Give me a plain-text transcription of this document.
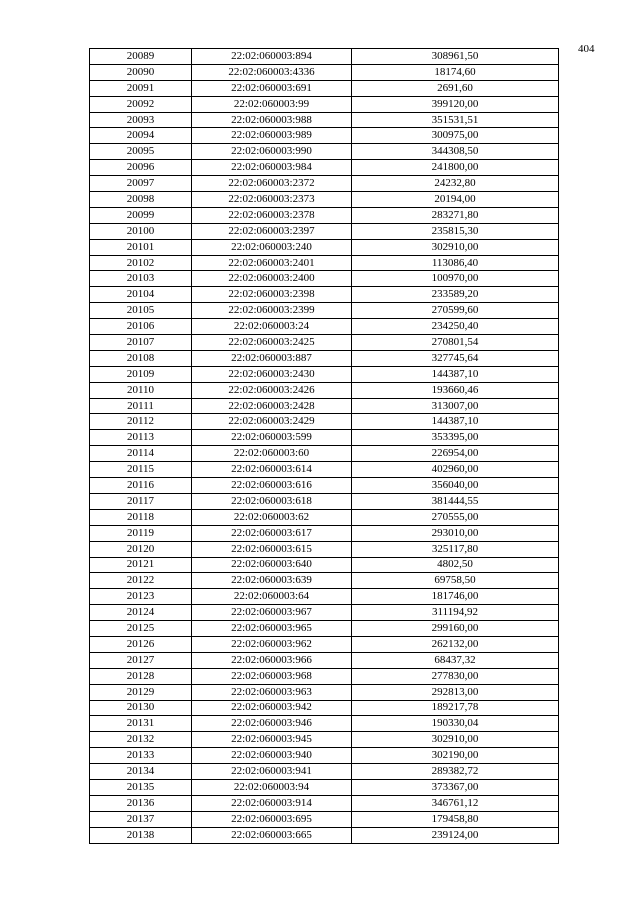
404
20089	22:02:060003:894	308961,50
20090	22:02:060003:4336	18174,60
20091	22:02:060003:691	2691,60
20092	22:02:060003:99	399120,00
20093	22:02:060003:988	351531,51
20094	22:02:060003:989	300975,00
20095	22:02:060003:990	344308,50
20096	22:02:060003:984	241800,00
20097	22:02:060003:2372	24232,80
20098	22:02:060003:2373	20194,00
20099	22:02:060003:2378	283271,80
20100	22:02:060003:2397	235815,30
20101	22:02:060003:240	302910,00
20102	22:02:060003:2401	113086,40
20103	22:02:060003:2400	100970,00
20104	22:02:060003:2398	233589,20
20105	22:02:060003:2399	270599,60
20106	22:02:060003:24	234250,40
20107	22:02:060003:2425	270801,54
20108	22:02:060003:887	327745,64
20109	22:02:060003:2430	144387,10
20110	22:02:060003:2426	193660,46
20111	22:02:060003:2428	313007,00
20112	22:02:060003:2429	144387,10
20113	22:02:060003:599	353395,00
20114	22:02:060003:60	226954,00
20115	22:02:060003:614	402960,00
20116	22:02:060003:616	356040,00
20117	22:02:060003:618	381444,55
20118	22:02:060003:62	270555,00
20119	22:02:060003:617	293010,00
20120	22:02:060003:615	325117,80
20121	22:02:060003:640	4802,50
20122	22:02:060003:639	69758,50
20123	22:02:060003:64	181746,00
20124	22:02:060003:967	311194,92
20125	22:02:060003:965	299160,00
20126	22:02:060003:962	262132,00
20127	22:02:060003:966	68437,32
20128	22:02:060003:968	277830,00
20129	22:02:060003:963	292813,00
20130	22:02:060003:942	189217,78
20131	22:02:060003:946	190330,04
20132	22:02:060003:945	302910,00
20133	22:02:060003:940	302190,00
20134	22:02:060003:941	289382,72
20135	22:02:060003:94	373367,00
20136	22:02:060003:914	346761,12
20137	22:02:060003:695	179458,80
20138	22:02:060003:665	239124,00
